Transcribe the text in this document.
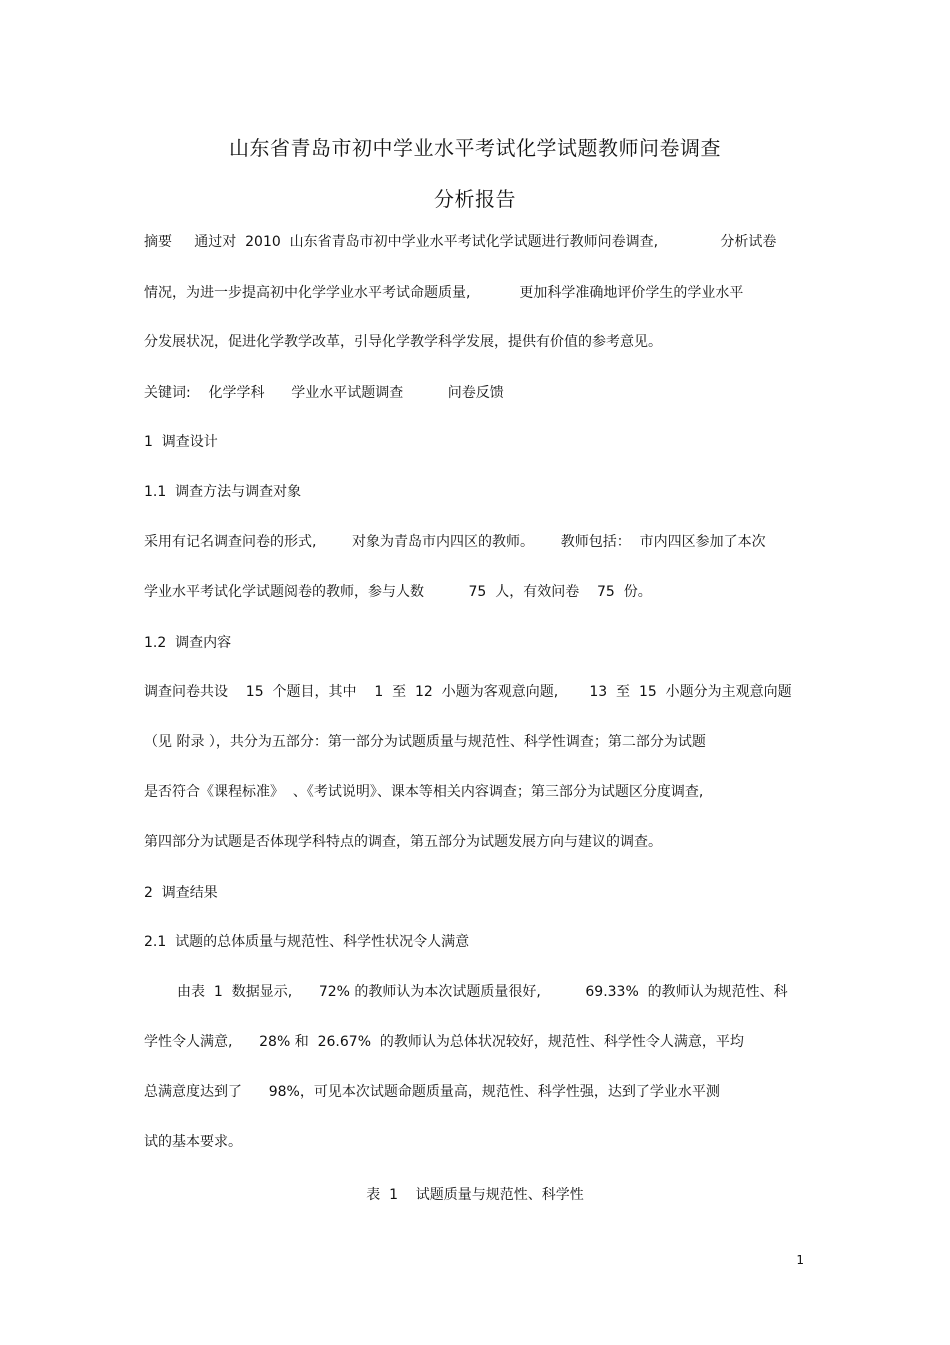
山东省青岛市初中学业水平考试化学试题教师问卷调查
分析报告
摘要     通过对  2010  山东省青岛市初中学业水平考试化学试题进行教师问卷调查,              分析试卷
情况，为进一步提高初中化学学业水平考试命题质量,           更加科学准确地评价学生的学业水平
分发展状况，促进化学教学改革，引导化学教学科学发展，提供有价值的参考意见。
关键词:    化学学科      学业水平试题调查          问卷反馈
1  调查设计
1.1  调查方法与调查对象
采用有记名调查问卷的形式,        对象为青岛市内四区的教师。      教师包括：  市内四区参加了本次
学业水平考试化学试题阅卷的教师，参与人数          75  人，有效问卷    75  份。
1.2  调查内容
调查问卷共设    15  个题目，其中    1  至  12  小题为客观意向题,       13  至  15  小题分为主观意向题
（见 附录 ），共分为五部分：第一部分为试题质量与规范性、科学性调查；第二部分为试题
是否符合《课程标准》  、《考试说明》、课本等相关内容调查；第三部分为试题区分度调查,
第四部分为试题是否体现学科特点的调查，第五部分为试题发展方向与建议的调查。
2  调查结果
2.1  试题的总体质量与规范性、科学性状况令人满意
由表  1  数据显示,      72% 的教师认为本次试题质量很好,          69.33%  的教师认为规范性、科
学性令人满意,      28% 和  26.67%  的教师认为总体状况较好，规范性、科学性令人满意，平均
总满意度达到了      98%，可见本次试题命题质量高，规范性、科学性强，达到了学业水平测
试的基本要求。
表  1    试题质量与规范性、科学性
1
